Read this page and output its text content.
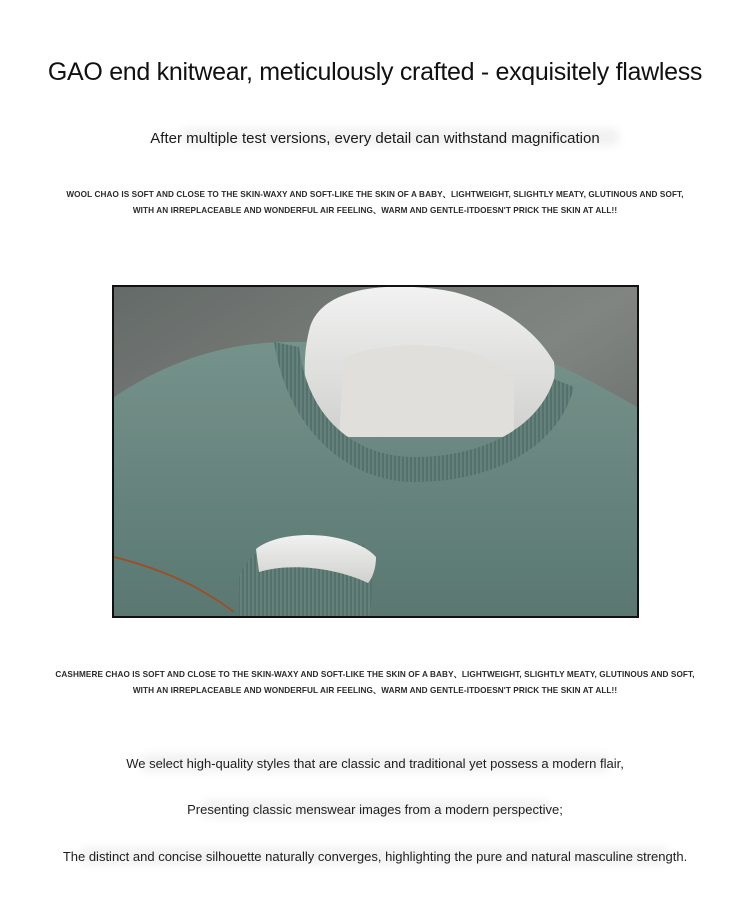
GAO end knitwear, meticulously crafted - exquisitely flawless
After multiple test versions, every detail can withstand magnification
WOOL CHAO IS SOFT AND CLOSE TO THE SKIN-WAXY AND SOFT-LIKE THE SKIN OF A BABY、LIGHTWEIGHT, SLIGHTLY MEATY, GLUTINOUS AND SOFT,
WITH AN IRREPLACEABLE AND WONDERFUL AIR FEELING、WARM AND GENTLE-ITDOESN'T PRICK THE SKIN AT ALL!!
CASHMERE CHAO IS SOFT AND CLOSE TO THE SKIN-WAXY AND SOFT-LIKE THE SKIN OF A BABY、LIGHTWEIGHT, SLIGHTLY MEATY, GLUTINOUS AND SOFT,
WITH AN IRREPLACEABLE AND WONDERFUL AIR FEELING、WARM AND GENTLE-ITDOESN'T PRICK THE SKIN AT ALL!!
We select high-quality styles that are classic and traditional yet possess a modern flair,
Presenting classic menswear images from a modern perspective;
The distinct and concise silhouette naturally converges, highlighting the pure and natural masculine strength.
